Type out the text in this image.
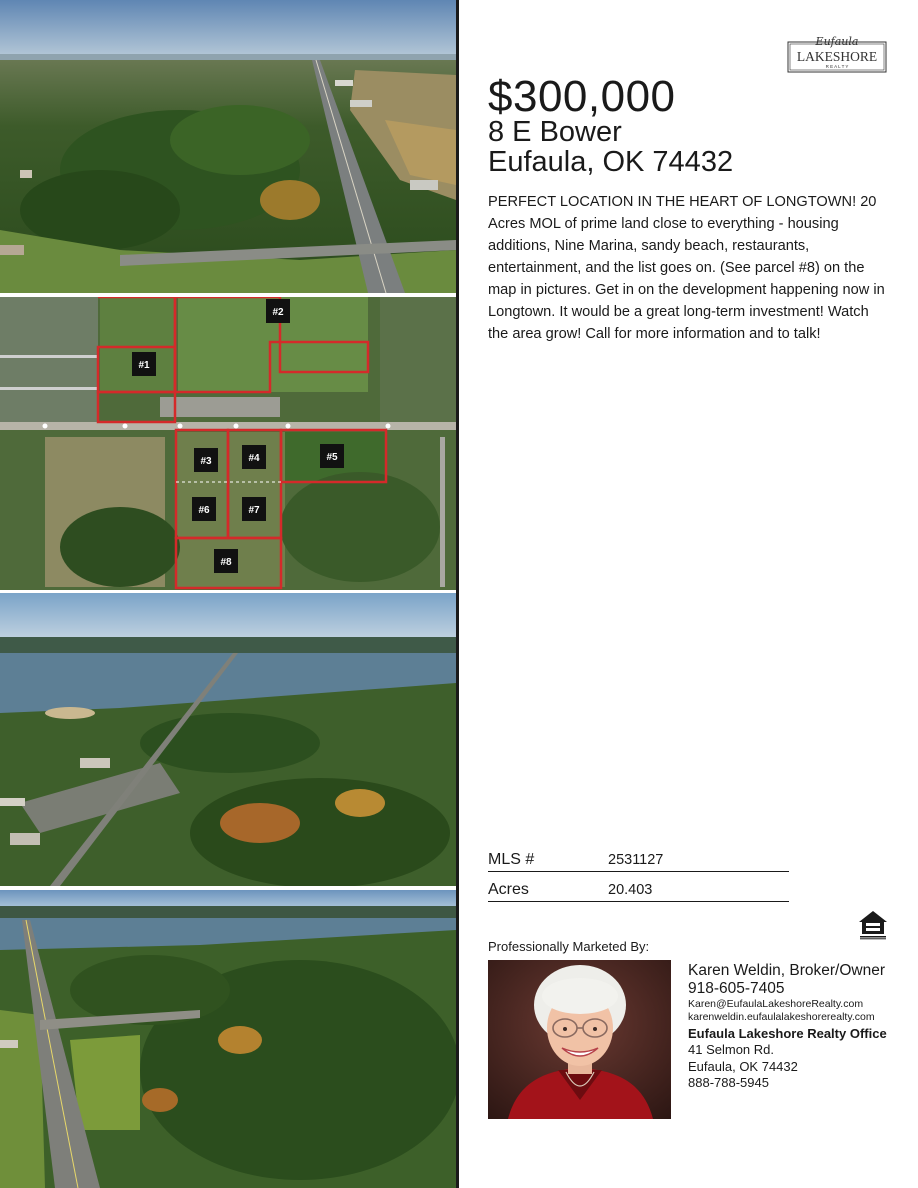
#1
#2
#3	#4	#5
#6	#7
#8
Eufaula
LAKESHORE
R E A L T Y
$300,000
8 E Bower
Eufaula, OK 74432
PERFECT LOCATION IN THE HEART OF LONGTOWN! 20 Acres MOL of prime land close to everything - housing additions, Nine Marina, sandy beach, restaurants, entertainment, and the list goes on. (See parcel #8) on the map in pictures. Get in on the development happening now in Longtown. It would be a great long-term investment! Watch the area grow! Call for more information and to talk!
MLS #	2531127
Acres	20.403
Professionally Marketed By:
Karen Weldin, Broker/Owner
918-605-7405
Karen@EufaulaLakeshoreRealty.com
karenweldin.eufaulalakeshorerealty.com
Eufaula Lakeshore Realty Office
41 Selmon Rd.
Eufaula, OK 74432
888-788-5945
